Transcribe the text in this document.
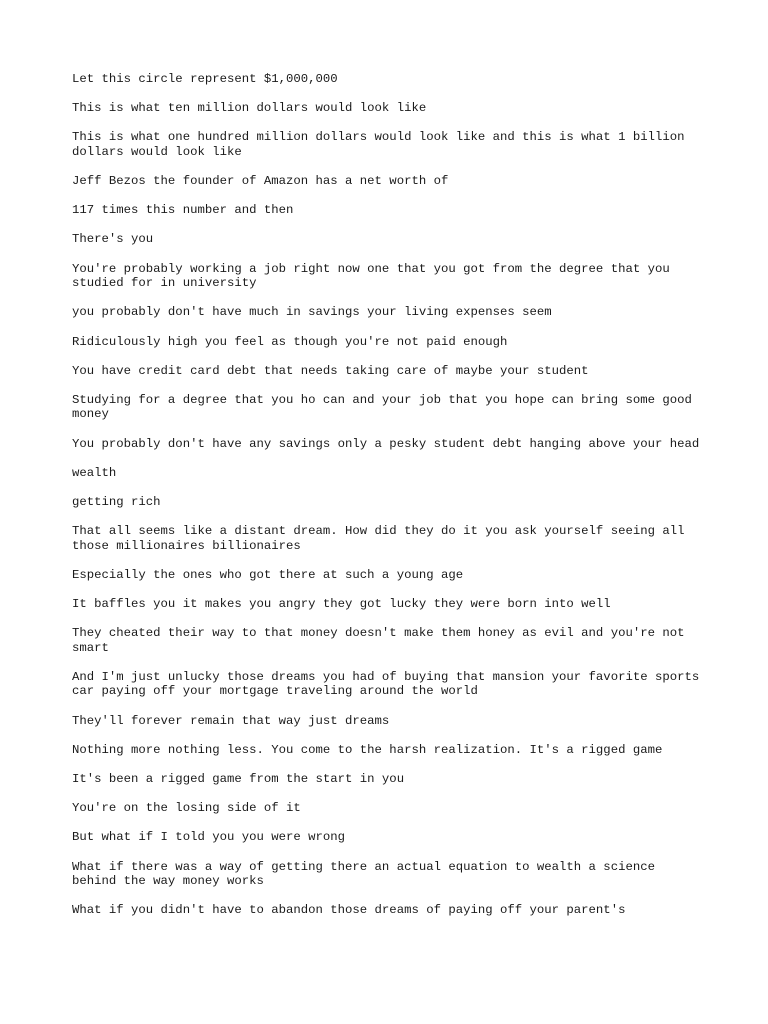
Let this circle represent $1,000,000

This is what ten million dollars would look like

This is what one hundred million dollars would look like and this is what 1 billion dollars would look like

Jeff Bezos the founder of Amazon has a net worth of

117 times this number and then

There's you

You're probably working a job right now one that you got from the degree that you studied for in university

you probably don't have much in savings your living expenses seem

Ridiculously high you feel as though you're not paid enough

You have credit card debt that needs taking care of maybe your student

Studying for a degree that you ho can and your job that you hope can bring some good money

You probably don't have any savings only a pesky student debt hanging above your head

wealth

getting rich

That all seems like a distant dream. How did they do it you ask yourself seeing all those millionaires billionaires

Especially the ones who got there at such a young age

It baffles you it makes you angry they got lucky they were born into well

They cheated their way to that money doesn't make them honey as evil and you're not smart

And I'm just unlucky those dreams you had of buying that mansion your favorite sports car paying off your mortgage traveling around the world

They'll forever remain that way just dreams

Nothing more nothing less. You come to the harsh realization. It's a rigged game

It's been a rigged game from the start in you

You're on the losing side of it

But what if I told you you were wrong

What if there was a way of getting there an actual equation to wealth a science behind the way money works

What if you didn't have to abandon those dreams of paying off your parent's
